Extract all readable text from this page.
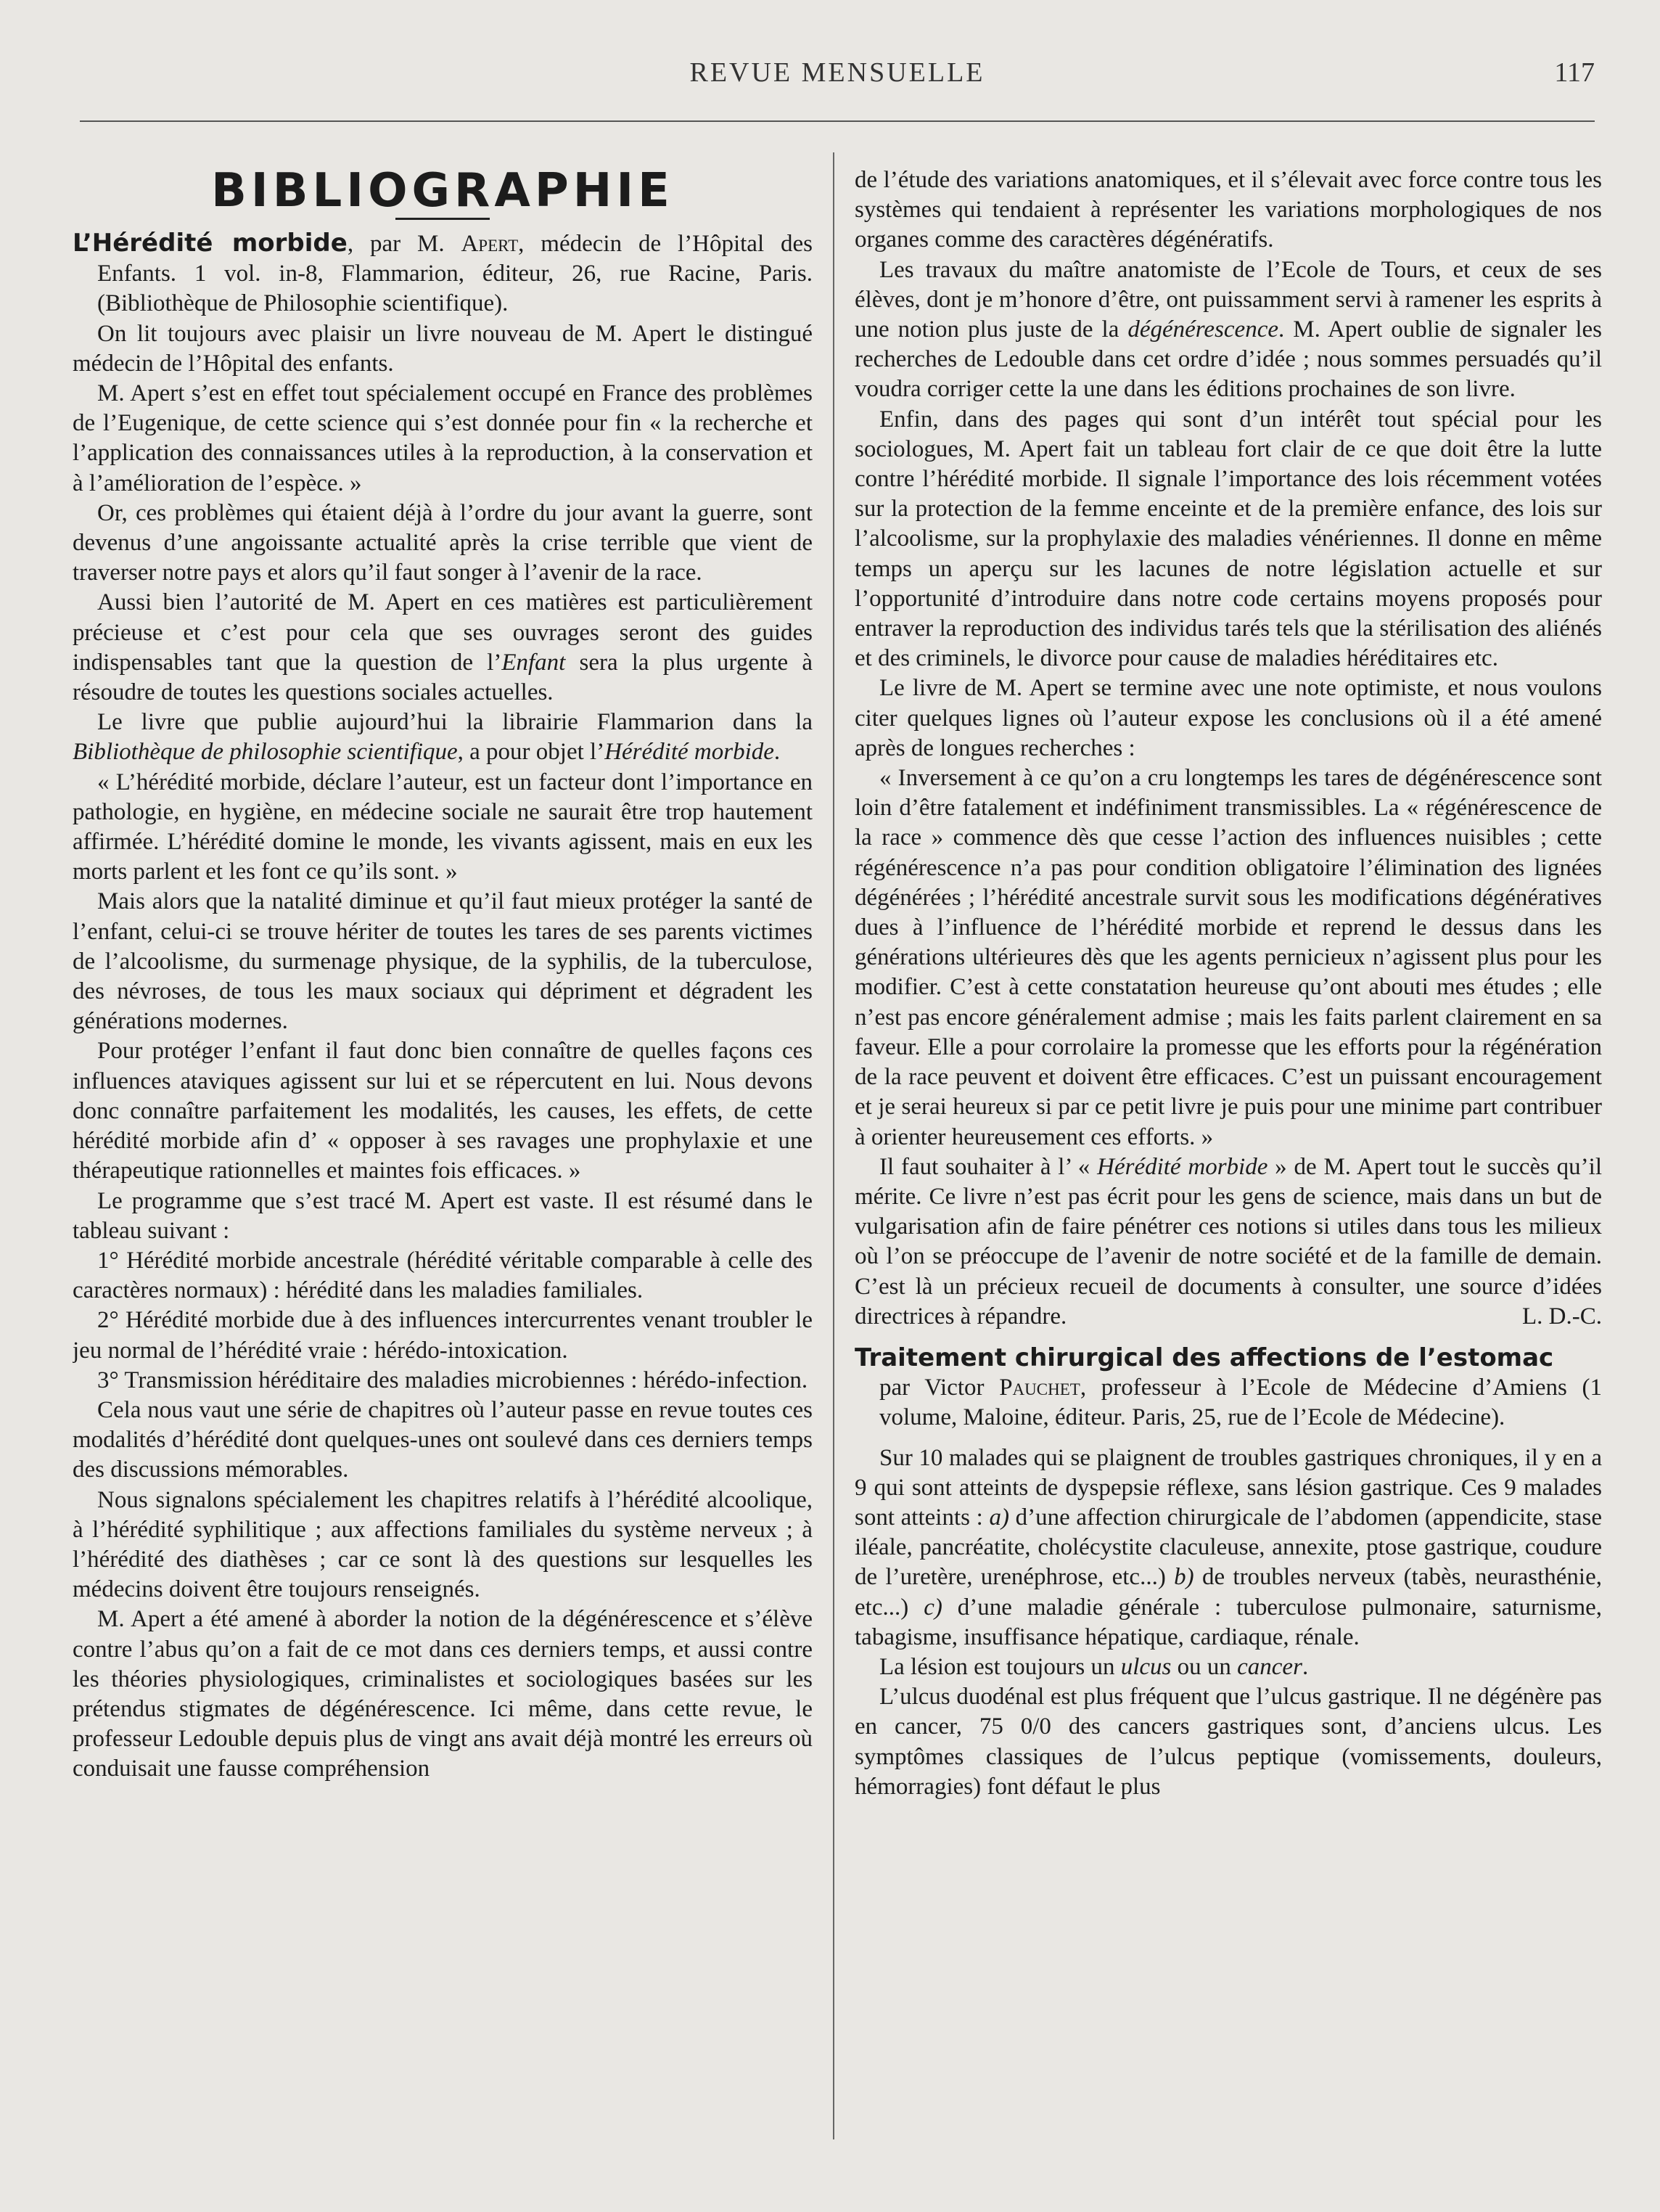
REVUE MENSUELLE	117
BIBLIOGRAPHIE

L’Hérédité morbide, par M. Apert, médecin de l’Hôpital des Enfants. 1 vol. in-8, Flammarion, éditeur, 26, rue Racine, Paris. (Bibliothèque de Philosophie scientifique).

On lit toujours avec plaisir un livre nouveau de M. Apert le distingué médecin de l’Hôpital des enfants.

M. Apert s’est en effet tout spécialement occupé en France des problèmes de l’Eugenique, de cette science qui s’est donnée pour fin « la recherche et l’application des connaissances utiles à la reproduction, à la conservation et à l’amélioration de l’espèce. »

Or, ces problèmes qui étaient déjà à l’ordre du jour avant la guerre, sont devenus d’une angoissante actualité après la crise terrible que vient de traverser notre pays et alors qu’il faut songer à l’avenir de la race.

Aussi bien l’autorité de M. Apert en ces matières est particulièrement précieuse et c’est pour cela que ses ouvrages seront des guides indispensables tant que la question de l’Enfant sera la plus urgente à résoudre de toutes les questions sociales actuelles.

Le livre que publie aujourd’hui la librairie Flammarion dans la Bibliothèque de philosophie scientifique, a pour objet l’Hérédité morbide.

« L’hérédité morbide, déclare l’auteur, est un facteur dont l’importance en pathologie, en hygiène, en médecine sociale ne saurait être trop hautement affirmée. L’hérédité domine le monde, les vivants agissent, mais en eux les morts parlent et les font ce qu’ils sont. »

Mais alors que la natalité diminue et qu’il faut mieux protéger la santé de l’enfant, celui-ci se trouve hériter de toutes les tares de ses parents victimes de l’alcoolisme, du surmenage physique, de la syphilis, de la tuberculose, des névroses, de tous les maux sociaux qui dépriment et dégradent les générations modernes.

Pour protéger l’enfant il faut donc bien connaître de quelles façons ces influences ataviques agissent sur lui et se répercutent en lui. Nous devons donc connaître parfaitement les modalités, les causes, les effets, de cette hérédité morbide afin d’ « opposer à ses ravages une prophylaxie et une thérapeutique rationnelles et maintes fois efficaces. »

Le programme que s’est tracé M. Apert est vaste. Il est résumé dans le tableau suivant :

1° Hérédité morbide ancestrale (hérédité véritable comparable à celle des caractères normaux) : hérédité dans les maladies familiales.

2° Hérédité morbide due à des influences intercurrentes venant troubler le jeu normal de l’hérédité vraie : hérédo-intoxication.

3° Transmission héréditaire des maladies microbiennes : hérédo-infection.

Cela nous vaut une série de chapitres où l’auteur passe en revue toutes ces modalités d’hérédité dont quelques-unes ont soulevé dans ces derniers temps des discussions mémorables.

Nous signalons spécialement les chapitres relatifs à l’hérédité alcoolique, à l’hérédité syphilitique ; aux affections familiales du système nerveux ; à l’hérédité des diathèses ; car ce sont là des questions sur lesquelles les médecins doivent être toujours renseignés.

M. Apert a été amené à aborder la notion de la dégénérescence et s’élève contre l’abus qu’on a fait de ce mot dans ces derniers temps, et aussi contre les théories physiologiques, criminalistes et sociologiques basées sur les prétendus stigmates de dégénérescence. Ici même, dans cette revue, le professeur Ledouble depuis plus de vingt ans avait déjà montré les erreurs où conduisait une fausse compréhension

de l’étude des variations anatomiques, et il s’élevait avec force contre tous les systèmes qui tendaient à représenter les variations morphologiques de nos organes comme des caractères dégénératifs.

Les travaux du maître anatomiste de l’Ecole de Tours, et ceux de ses élèves, dont je m’honore d’être, ont puissamment servi à ramener les esprits à une notion plus juste de la dégénérescence. M. Apert oublie de signaler les recherches de Ledouble dans cet ordre d’idée ; nous sommes persuadés qu’il voudra corriger cette la une dans les éditions prochaines de son livre.

Enfin, dans des pages qui sont d’un intérêt tout spécial pour les sociologues, M. Apert fait un tableau fort clair de ce que doit être la lutte contre l’hérédité morbide. Il signale l’importance des lois récemment votées sur la protection de la femme enceinte et de la première enfance, des lois sur l’alcoolisme, sur la prophylaxie des maladies vénériennes. Il donne en même temps un aperçu sur les lacunes de notre législation actuelle et sur l’opportunité d’introduire dans notre code certains moyens proposés pour entraver la reproduction des individus tarés tels que la stérilisation des aliénés et des criminels, le divorce pour cause de maladies héréditaires etc.

Le livre de M. Apert se termine avec une note optimiste, et nous voulons citer quelques lignes où l’auteur expose les conclusions où il a été amené après de longues recherches :

« Inversement à ce qu’on a cru longtemps les tares de dégénérescence sont loin d’être fatalement et indéfiniment transmissibles. La « régénérescence de la race » commence dès que cesse l’action des influences nuisibles ; cette régénérescence n’a pas pour condition obligatoire l’élimination des lignées dégénérées ; l’hérédité ancestrale survit sous les modifications dégénératives dues à l’influence de l’hérédité morbide et reprend le dessus dans les générations ultérieures dès que les agents pernicieux n’agissent plus pour les modifier. C’est à cette constatation heureuse qu’ont abouti mes études ; elle n’est pas encore généralement admise ; mais les faits parlent clairement en sa faveur. Elle a pour corrolaire la promesse que les efforts pour la régénération de la race peuvent et doivent être efficaces. C’est un puissant encouragement et je serai heureux si par ce petit livre je puis pour une minime part contribuer à orienter heureusement ces efforts. »

Il faut souhaiter à l’ « Hérédité morbide » de M. Apert tout le succès qu’il mérite. Ce livre n’est pas écrit pour les gens de science, mais dans un but de vulgarisation afin de faire pénétrer ces notions si utiles dans tous les milieux où l’on se préoccupe de l’avenir de notre société et de la famille de demain. C’est là un précieux recueil de documents à consulter, une source d’idées directrices à répandre.	L. D.-C.

Traitement chirurgical des affections de l’estomac
par Victor Pauchet, professeur à l’Ecole de Médecine d’Amiens (1 volume, Maloine, éditeur. Paris, 25, rue de l’Ecole de Médecine).

Sur 10 malades qui se plaignent de troubles gastriques chroniques, il y en a 9 qui sont atteints de dyspepsie réflexe, sans lésion gastrique. Ces 9 malades sont atteints : a) d’une affection chirurgicale de l’abdomen (appendicite, stase iléale, pancréatite, cholécystite claculeuse, annexite, ptose gastrique, coudure de l’uretère, urenéphrose, etc...) b) de troubles nerveux (tabès, neurasthénie, etc...) c) d’une maladie générale : tuberculose pulmonaire, saturnisme, tabagisme, insuffisance hépatique, cardiaque, rénale.

La lésion est toujours un ulcus ou un cancer.

L’ulcus duodénal est plus fréquent que l’ulcus gastrique. Il ne dégénère pas en cancer, 75 0/0 des cancers gastriques sont, d’anciens ulcus. Les symptômes classiques de l’ulcus peptique (vomissements, douleurs, hémorragies) font défaut le plus
